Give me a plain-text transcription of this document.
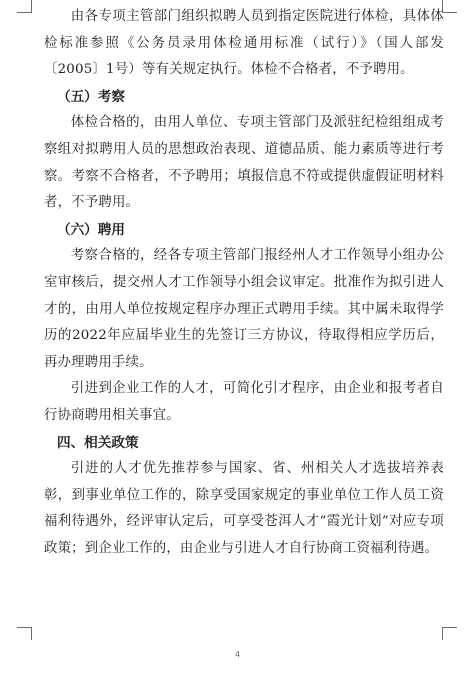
由各专项主管部门组织拟聘人员到指定医院进行体检，具体体检标准参照《公务员录用体检通用标准（试行）》（国人部发〔2005〕1号）等有关规定执行。体检不合格者，不予聘用。

（五）考察

体检合格的，由用人单位、专项主管部门及派驻纪检组组成考察组对拟聘用人员的思想政治表现、道德品质、能力素质等进行考察。考察不合格者，不予聘用；填报信息不符或提供虚假证明材料者，不予聘用。

（六）聘用

考察合格的，经各专项主管部门报经州人才工作领导小组办公室审核后，提交州人才工作领导小组会议审定。批准作为拟引进人才的，由用人单位按规定程序办理正式聘用手续。其中属未取得学历的2022年应届毕业生的先签订三方协议，待取得相应学历后，再办理聘用手续。

引进到企业工作的人才，可简化引才程序，由企业和报考者自行协商聘用相关事宜。

四、相关政策

引进的人才优先推荐参与国家、省、州相关人才选拔培养表彰，到事业单位工作的，除享受国家规定的事业单位工作人员工资福利待遇外，经评审认定后，可享受苍洱人才“霞光计划”对应专项政策；到企业工作的，由企业与引进人才自行协商工资福利待遇。

4
